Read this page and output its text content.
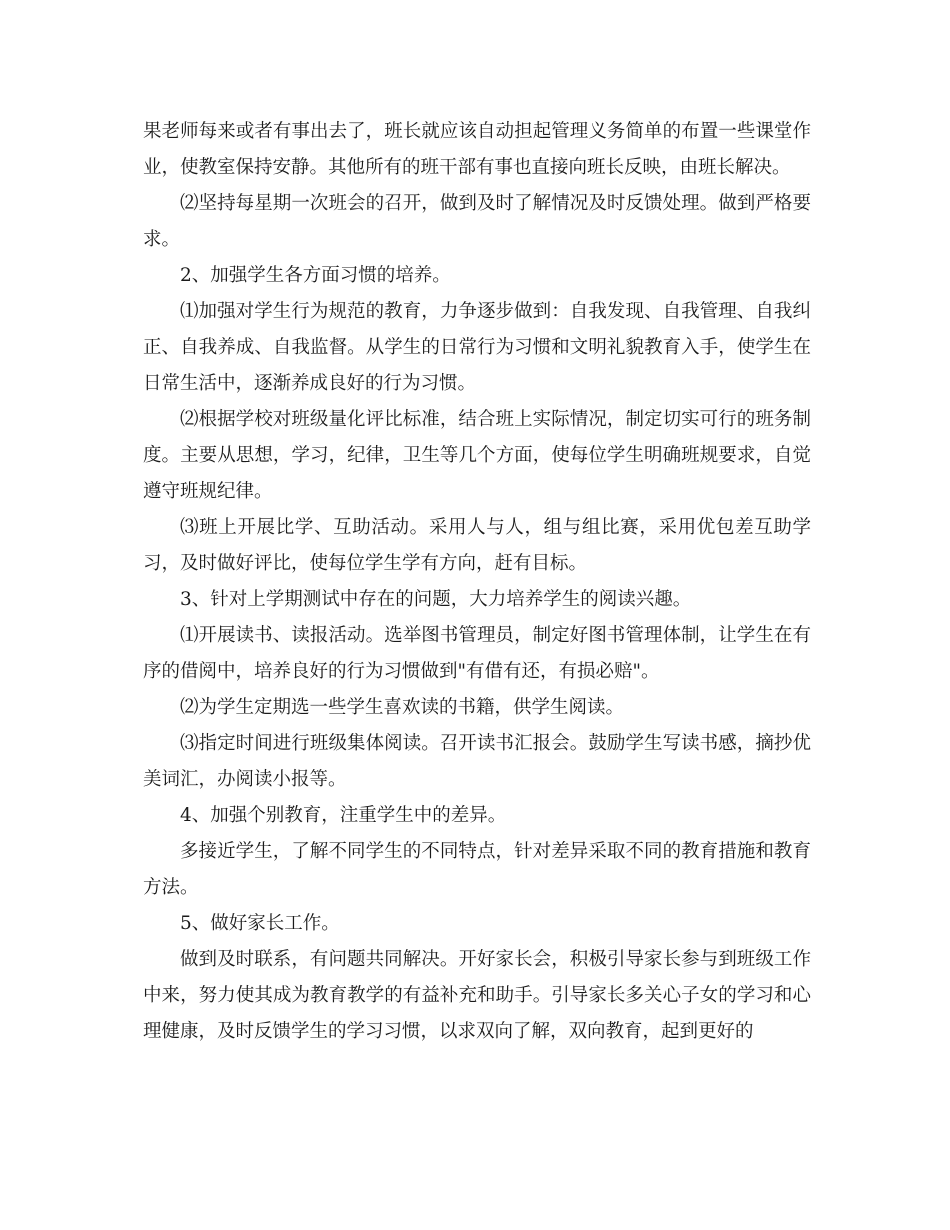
果老师每来或者有事出去了，班长就应该自动担起管理义务简单的布置一些课堂作业，使教室保持安静。其他所有的班干部有事也直接向班长反映，由班长解决。

⑵坚持每星期一次班会的召开，做到及时了解情况及时反馈处理。做到严格要求。

2、加强学生各方面习惯的培养。

⑴加强对学生行为规范的教育，力争逐步做到：自我发现、自我管理、自我纠正、自我养成、自我监督。从学生的日常行为习惯和文明礼貌教育入手，使学生在日常生活中，逐渐养成良好的行为习惯。

⑵根据学校对班级量化评比标准，结合班上实际情况，制定切实可行的班务制度。主要从思想，学习，纪律，卫生等几个方面，使每位学生明确班规要求，自觉遵守班规纪律。

⑶班上开展比学、互助活动。采用人与人，组与组比赛，采用优包差互助学习，及时做好评比，使每位学生学有方向，赶有目标。

3、针对上学期测试中存在的问题，大力培养学生的阅读兴趣。

⑴开展读书、读报活动。选举图书管理员，制定好图书管理体制，让学生在有序的借阅中，培养良好的行为习惯做到"有借有还，有损必赔"。

⑵为学生定期选一些学生喜欢读的书籍，供学生阅读。

⑶指定时间进行班级集体阅读。召开读书汇报会。鼓励学生写读书感，摘抄优美词汇，办阅读小报等。

4、加强个别教育，注重学生中的差异。

多接近学生，了解不同学生的不同特点，针对差异采取不同的教育措施和教育方法。

5、做好家长工作。

做到及时联系，有问题共同解决。开好家长会，积极引导家长参与到班级工作中来，努力使其成为教育教学的有益补充和助手。引导家长多关心子女的学习和心理健康，及时反馈学生的学习习惯，以求双向了解，双向教育，起到更好的
